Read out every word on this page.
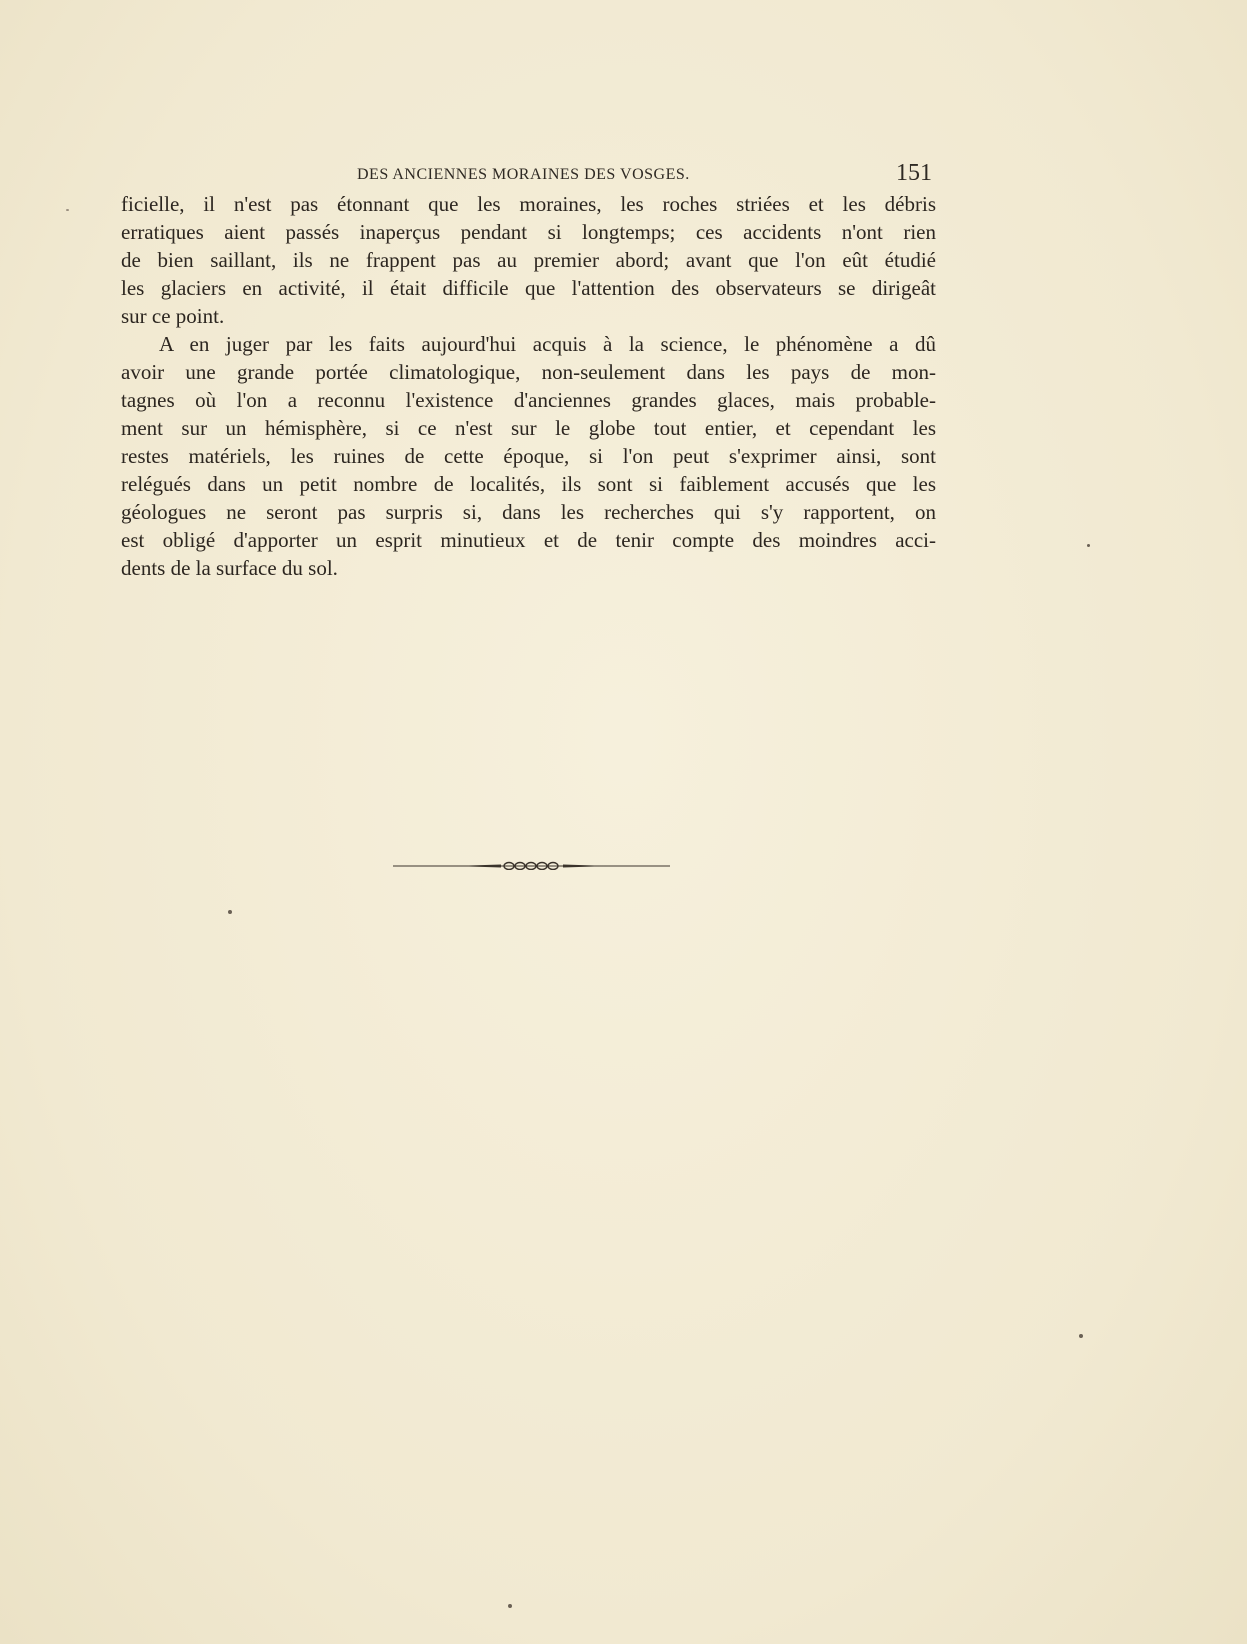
DES ANCIENNES MORAINES DES VOSGES.	151
ficielle, il n'est pas étonnant que les moraines, les roches striées et les débris
erratiques aient passés inaperçus pendant si longtemps; ces accidents n'ont rien
de bien saillant, ils ne frappent pas au premier abord; avant que l'on eût étudié
les glaciers en activité, il était difficile que l'attention des observateurs se dirigeât
sur ce point.
A en juger par les faits aujourd'hui acquis à la science, le phénomène a dû
avoir une grande portée climatologique, non-seulement dans les pays de mon-
tagnes où l'on a reconnu l'existence d'anciennes grandes glaces, mais probable-
ment sur un hémisphère, si ce n'est sur le globe tout entier, et cependant les
restes matériels, les ruines de cette époque, si l'on peut s'exprimer ainsi, sont
relégués dans un petit nombre de localités, ils sont si faiblement accusés que les
géologues ne seront pas surpris si, dans les recherches qui s'y rapportent, on
est obligé d'apporter un esprit minutieux et de tenir compte des moindres acci-
dents de la surface du sol.
